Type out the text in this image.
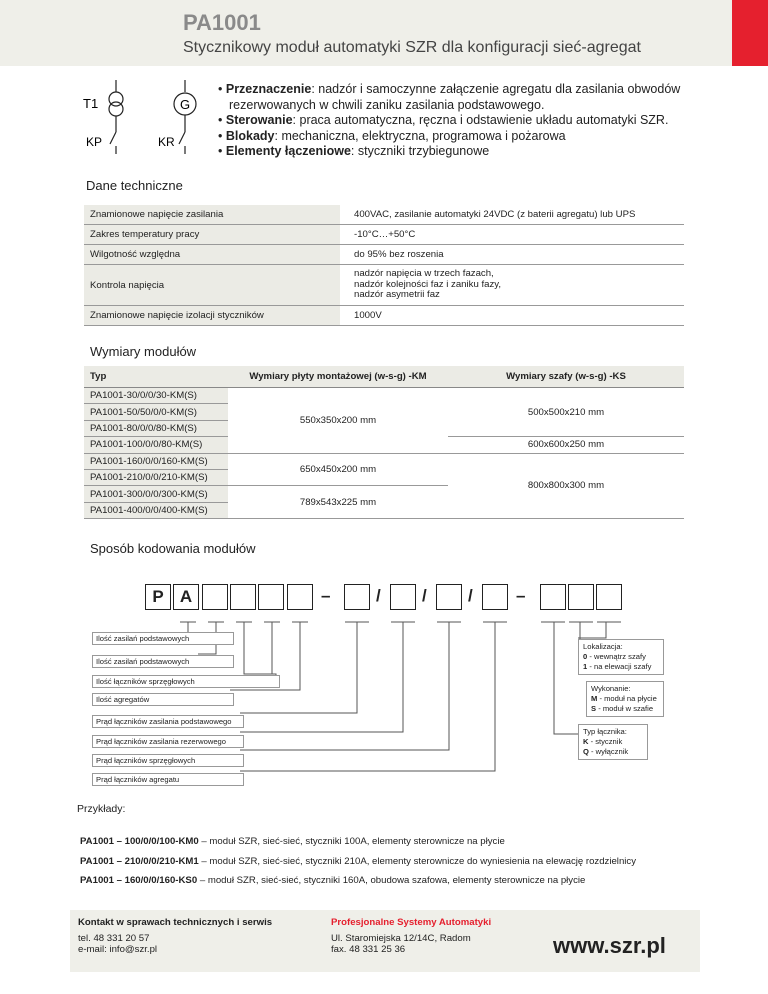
PA1001
Stycznikowy moduł automatyki SZR dla konfiguracji sieć-agregat
T1	G
KP	KR
• Przeznaczenie: nadzór i samoczynne załączenie agregatu dla zasilania obwodów rezerwowanych w chwili zaniku zasilania podstawowego.
• Sterowanie: praca automatyczna, ręczna i odstawienie układu automatyki SZR.
• Blokady: mechaniczna, elektryczna, programowa i pożarowa
• Elementy łączeniowe: styczniki trzybiegunowe
Dane techniczne
Znamionowe napięcie zasilania		400VAC, zasilanie automatyki 24VDC (z baterii agregatu) lub UPS
Zakres temperatury pracy		-10°C…+50°C
Wilgotność względna		do 95% bez roszenia
Kontrola napięcia		nadzór napięcia w trzech fazach,
nadzór kolejności faz i zaniku fazy,
nadzór asymetrii faz
Znamionowe napięcie izolacji styczników		1000V
Wymiary modułów
Typ	Wymiary płyty montażowej (w-s-g) -KM	Wymiary szafy (w-s-g) -KS
PA1001-30/0/0/30-KM(S)	550x350x200 mm	500x500x210 mm
PA1001-50/50/0/0-KM(S)		
PA1001-80/0/0/80-KM(S)		
PA1001-100/0/0/80-KM(S)		600x600x250 mm
PA1001-160/0/0/160-KM(S)	650x450x200 mm	800x800x300 mm
PA1001-210/0/0/210-KM(S)		
PA1001-300/0/0/300-KM(S)	789x543x225 mm	
PA1001-400/0/0/400-KM(S)		
Sposób kodowania modułów
P A	–	/ / /	–
Ilość zasilań podstawowych
Ilość zasilań podstawowych
Ilość łączników sprzęgłowych
Ilość agregatów
Prąd łączników zasilania podstawowego
Prąd łączników zasilania rezerwowego
Prąd łączników sprzęgłowych
Prąd łączników agregatu
Lokalizacja:
0 - wewnątrz szafy
1 - na elewacji szafy
Wykonanie:
M - moduł na płycie
S - moduł w szafie
Typ łącznika:
K - stycznik
Q - wyłącznik
Przykłady:
PA1001 – 100/0/0/100-KM0 – moduł SZR, sieć-sieć, styczniki 100A, elementy sterownicze na płycie
PA1001 – 210/0/0/210-KM1 – moduł SZR, sieć-sieć, styczniki 210A, elementy sterownicze do wyniesienia na elewację rozdzielnicy
PA1001 – 160/0/0/160-KS0 – moduł SZR, sieć-sieć, styczniki 160A, obudowa szafowa, elementy sterownicze na płycie
Kontakt w sprawach technicznych i serwis
tel. 48 331 20 57
e-mail: info@szr.pl
Profesjonalne Systemy Automatyki
Ul. Staromiejska 12/14C, Radom
fax. 48 331 25 36	www.szr.pl
